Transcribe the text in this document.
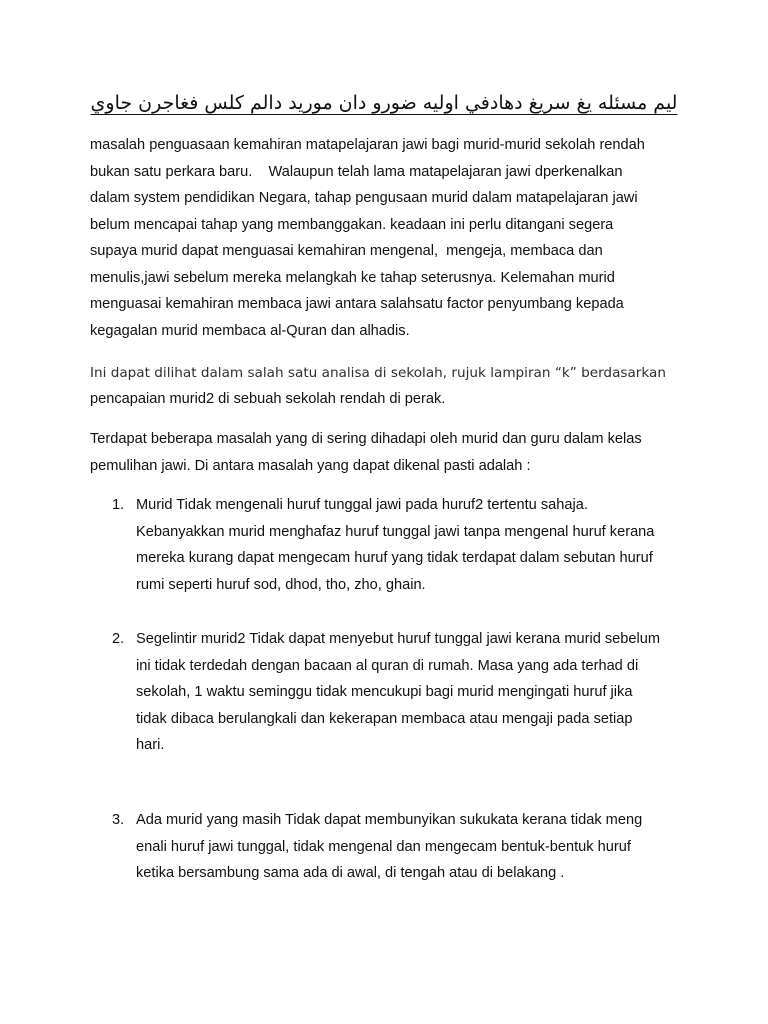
ليم مسئله يغ سريغ دهادفي اوليه ضورو دان موريد دالم كلس فغاجرن جاوي
masalah penguasaan kemahiran matapelajaran jawi bagi murid-murid sekolah rendah
bukan satu perkara baru.    Walaupun telah lama matapelajaran jawi dperkenalkan
dalam system pendidikan Negara, tahap pengusaan murid dalam matapelajaran jawi
belum mencapai tahap yang membanggakan. keadaan ini perlu ditangani segera
supaya murid dapat menguasai kemahiran mengenal,  mengeja, membaca dan
menulis,jawi sebelum mereka melangkah ke tahap seterusnya. Kelemahan murid
menguasai kemahiran membaca jawi antara salahsatu factor penyumbang kepada
kegagalan murid membaca al-Quran dan alhadis.
Ini dapat dilihat dalam salah satu analisa di sekolah, rujuk lampiran “k” berdasarkan
pencapaian murid2 di sebuah sekolah rendah di perak.
Terdapat beberapa masalah yang di sering dihadapi oleh murid dan guru dalam kelas
pemulihan jawi. Di antara masalah yang dapat dikenal pasti adalah :
1. Murid Tidak mengenali huruf tunggal jawi pada huruf2 tertentu sahaja.
Kebanyakkan murid menghafaz huruf tunggal jawi tanpa mengenal huruf kerana
mereka kurang dapat mengecam huruf yang tidak terdapat dalam sebutan huruf
rumi seperti huruf sod, dhod, tho, zho, ghain.
2. Segelintir murid2 Tidak dapat menyebut huruf tunggal jawi kerana murid sebelum
ini tidak terdedah dengan bacaan al quran di rumah. Masa yang ada terhad di
sekolah, 1 waktu seminggu tidak mencukupi bagi murid mengingati huruf jika
tidak dibaca berulangkali dan kekerapan membaca atau mengaji pada setiap
hari.
3. Ada murid yang masih Tidak dapat membunyikan sukukata kerana tidak meng
enali huruf jawi tunggal, tidak mengenal dan mengecam bentuk-bentuk huruf
ketika bersambung sama ada di awal, di tengah atau di belakang .
